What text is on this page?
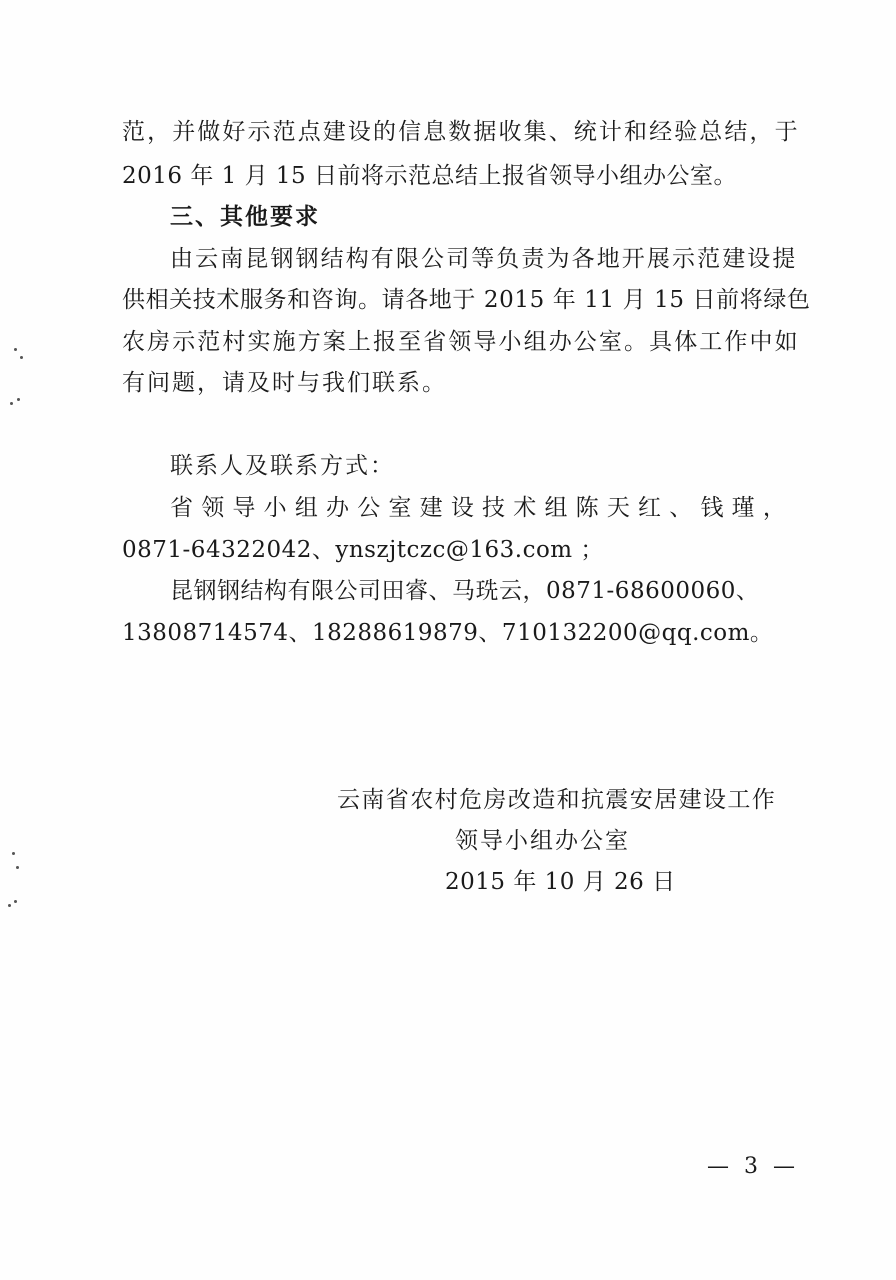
范，并做好示范点建设的信息数据收集、统计和经验总结，于
2016 年 1 月 15 日前将示范总结上报省领导小组办公室。
三、其他要求
由云南昆钢钢结构有限公司等负责为各地开展示范建设提
供相关技术服务和咨询。请各地于 2015 年 11 月 15 日前将绿色
农房示范村实施方案上报至省领导小组办公室。具体工作中如
有问题，请及时与我们联系。
联系人及联系方式：
省 领 导 小 组 办 公 室 建 设 技 术 组 陈 天 红 、 钱 瑾 ，
0871-64322042、ynszjtczc@163.com ；
昆钢钢结构有限公司田睿、马珗云，0871-68600060、
13808714574、18288619879、710132200@qq.com。
云南省农村危房改造和抗震安居建设工作
领导小组办公室
2015 年 10 月 26 日
— 3 —
